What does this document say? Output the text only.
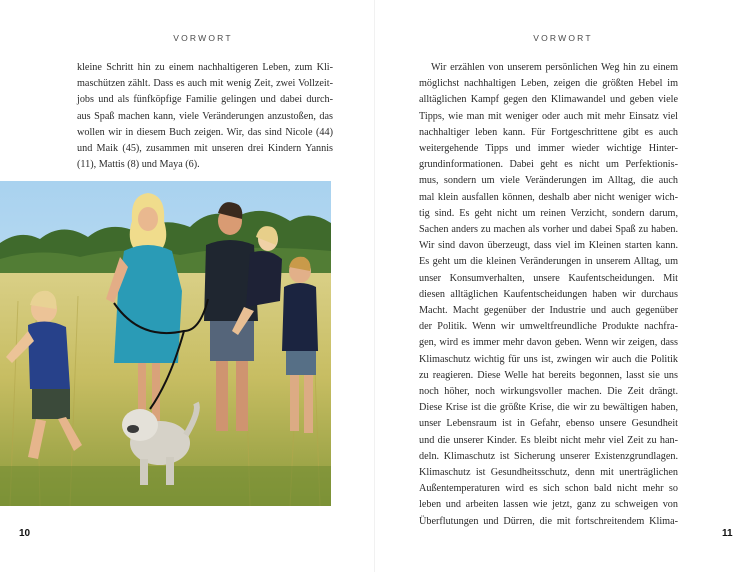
VORWORT
kleine Schritt hin zu einem nachhaltigeren Leben, zum Kli-
maschützen zählt. Dass es auch mit wenig Zeit, zwei Vollzeit-
jobs und als fünfköpfige Familie gelingen und dabei durch-
aus Spaß machen kann, viele Veränderungen anzustoßen, das
wollen wir in diesem Buch zeigen. Wir, das sind Nicole (44)
und Maik (45), zusammen mit unseren drei Kindern Yannis
(11), Mattis (8) und Maya (6).
10
VORWORT
Wir erzählen von unserem persönlichen Weg hin zu einem
möglichst nachhaltigen Leben, zeigen die größten Hebel im
alltäglichen Kampf gegen den Klimawandel und geben viele
Tipps, wie man mit weniger oder auch mit mehr Einsatz viel
nachhaltiger leben kann. Für Fortgeschrittene gibt es auch
weitergehende Tipps und immer wieder wichtige Hinter-
grundinformationen. Dabei geht es nicht um Perfektionis-
mus, sondern um viele Veränderungen im Alltag, die auch
mal klein ausfallen können, deshalb aber nicht weniger wich-
tig sind. Es geht nicht um reinen Verzicht, sondern darum,
Sachen anders zu machen als vorher und dabei Spaß zu haben.
Wir sind davon überzeugt, dass viel im Kleinen starten kann.
Es geht um die kleinen Veränderungen in unserem Alltag, um
unser Konsumverhalten, unsere Kaufentscheidungen. Mit
diesen alltäglichen Kaufentscheidungen haben wir durchaus
Macht. Macht gegenüber der Industrie und auch gegenüber
der Politik. Wenn wir umweltfreundliche Produkte nachfra-
gen, wird es immer mehr davon geben. Wenn wir zeigen, dass
Klimaschutz wichtig für uns ist, zwingen wir auch die Politik
zu reagieren. Diese Welle hat bereits begonnen, lasst sie uns
noch höher, noch wirkungsvoller machen. Die Zeit drängt.
Diese Krise ist die größte Krise, die wir zu bewältigen haben,
unser Lebensraum ist in Gefahr, ebenso unsere Gesundheit
und die unserer Kinder. Es bleibt nicht mehr viel Zeit zu han-
deln. Klimaschutz ist Sicherung unserer Existenzgrundlagen.
Klimaschutz ist Gesundheitsschutz, denn mit unerträglichen
Außentemperaturen wird es sich schon bald nicht mehr so
leben und arbeiten lassen wie jetzt, ganz zu schweigen von
Überflutungen und Dürren, die mit fortschreitendem Klima-
11
